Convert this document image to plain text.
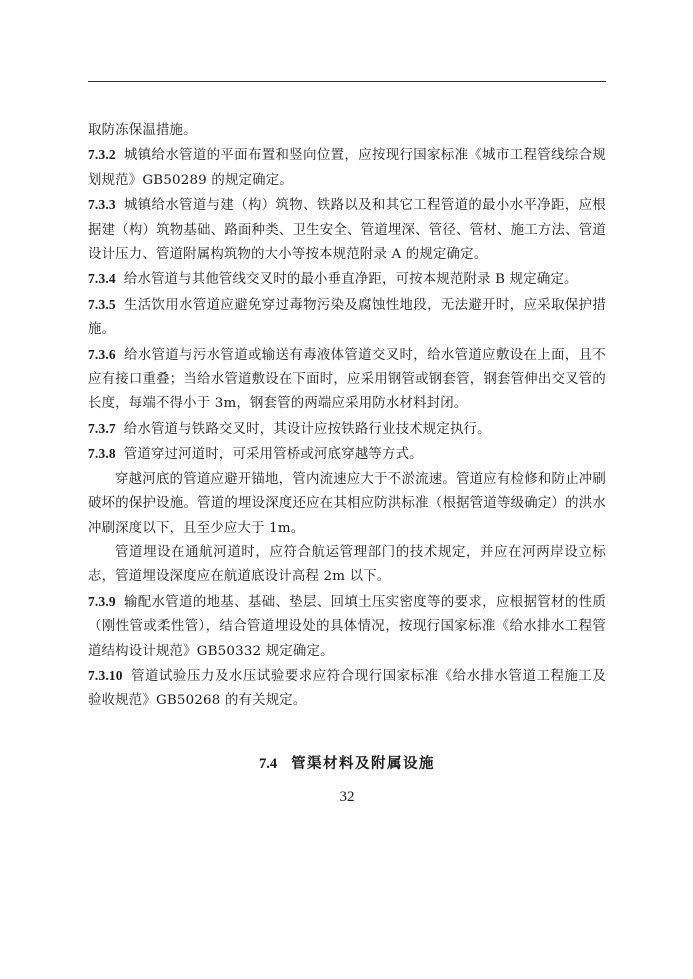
取防冻保温措施。

7.3.2 城镇给水管道的平面布置和竖向位置，应按现行国家标准《城市工程管线综合规划规范》GB50289 的规定确定。

7.3.3 城镇给水管道与建（构）筑物、铁路以及和其它工程管道的最小水平净距，应根据建（构）筑物基础、路面种类、卫生安全、管道埋深、管径、管材、施工方法、管道设计压力、管道附属构筑物的大小等按本规范附录 A 的规定确定。

7.3.4 给水管道与其他管线交叉时的最小垂直净距，可按本规范附录 B 规定确定。

7.3.5 生活饮用水管道应避免穿过毒物污染及腐蚀性地段，无法避开时，应采取保护措施。

7.3.6 给水管道与污水管道或输送有毒液体管道交叉时，给水管道应敷设在上面，且不应有接口重叠；当给水管道敷设在下面时，应采用钢管或钢套管，钢套管伸出交叉管的长度，每端不得小于 3m，钢套管的两端应采用防水材料封闭。

7.3.7 给水管道与铁路交叉时，其设计应按铁路行业技术规定执行。

7.3.8 管道穿过河道时，可采用管桥或河底穿越等方式。

穿越河底的管道应避开锚地，管内流速应大于不淤流速。管道应有检修和防止冲刷破坏的保护设施。管道的埋设深度还应在其相应防洪标准（根据管道等级确定）的洪水冲刷深度以下，且至少应大于 1m。

管道埋设在通航河道时，应符合航运管理部门的技术规定，并应在河两岸设立标志，管道埋设深度应在航道底设计高程 2m 以下。

7.3.9 输配水管道的地基、基础、垫层、回填土压实密度等的要求，应根据管材的性质（刚性管或柔性管），结合管道埋设处的具体情况，按现行国家标准《给水排水工程管道结构设计规范》GB50332 规定确定。

7.3.10 管道试验压力及水压试验要求应符合现行国家标准《给水排水管道工程施工及验收规范》GB50268 的有关规定。

7.4 管渠材料及附属设施
32
